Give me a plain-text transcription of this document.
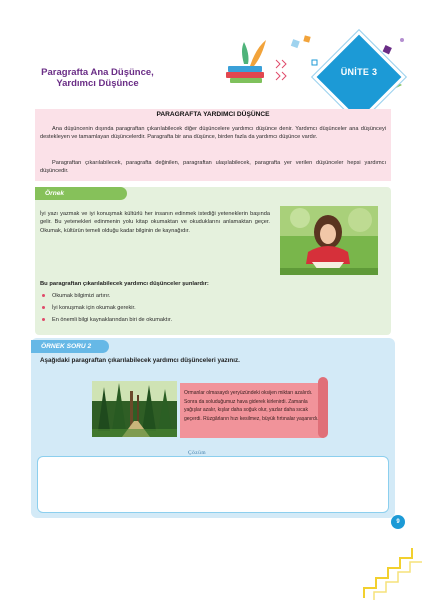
Paragrafta Ana Düşünce,
Yardımcı Düşünce
ÜNİTE 3
PARAGRAFTA YARDIMCI DÜŞÜNCE
Ana düşüncenin dışında paragraftan çıkarılabilecek diğer düşüncelere yardımcı düşünce denir. Yardımcı düşünceler ana düşünceyi destekleyen ve tamamlayan düşüncelerdir. Paragrafta bir ana düşünce, birden fazla da yardımcı düşünce vardır.
Paragraftan çıkarılabilecek, paragrafta değinilen, paragraftan ulaşılabilecek, paragrafta yer verilen düşünceler hepsi yardımcı düşüncedir.
Örnek
İyi yazı yazmak ve iyi konuşmak kültürlü her insanın edinmek istediği yeteneklerin başında gelir. Bu yetenekleri edinmenin yolu kitap okumaktan ve okuduklarını anlamaktan geçer. Okumak, kültürün temeli olduğu kadar bilginin de kaynağıdır.
Bu paragraftan çıkarılabilecek yardımcı düşünceler şunlardır:
Okumak bilgimizi artırır.
İyi konuşmak için okumak gerekir.
En önemli bilgi kaynaklarından biri de okumaktır.
ÖRNEK SORU 2
Aşağıdaki paragraftan çıkarılabilecek yardımcı düşünceleri yazınız.
Ormanlar olmasaydı yeryüzündeki oksijen miktarı azalırdı. Sonra da soluduğumuz hava giderek kirlenirdi. Zamanla yağışlar azalır, kışlar daha soğuk olur, yazlar daha sıcak geçerdi. Rüzgârların hızı kesilmez, büyük fırtınalar yaşanırdı.
Çözüm
9
